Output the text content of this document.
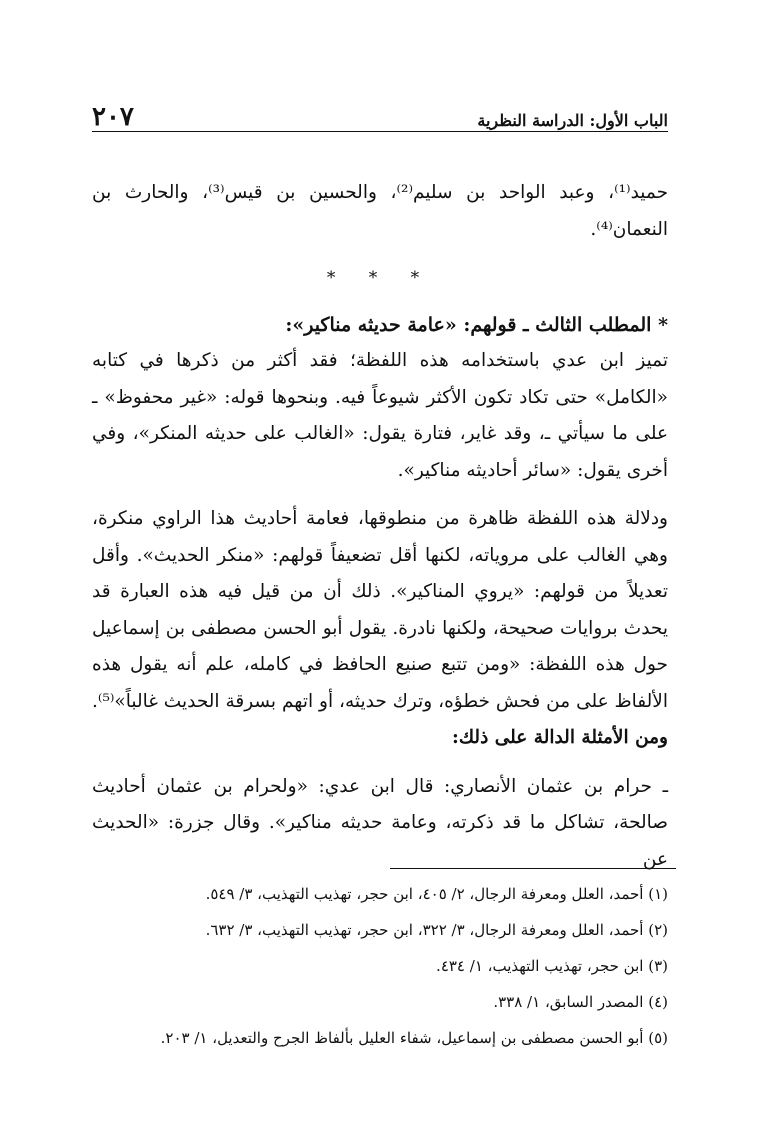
٢٠٧	الباب الأول: الدراسة النظرية

حميد⁽¹⁾، وعبد الواحد بن سليم⁽²⁾، والحسين بن قيس⁽³⁾، والحارث بن النعمان⁽⁴⁾.

* * *

* المطلب الثالث ـ قولهم: «عامة حديثه مناكير»:

تميز ابن عدي باستخدامه هذه اللفظة؛ فقد أكثر من ذكرها في كتابه «الكامل» حتى تكاد تكون الأكثر شيوعاً فيه. وبنحوها قوله: «غير محفوظ» ـ على ما سيأتي ـ، وقد غاير، فتارة يقول: «الغالب على حديثه المنكر»، وفي أخرى يقول: «سائر أحاديثه مناكير».

ودلالة هذه اللفظة ظاهرة من منطوقها، فعامة أحاديث هذا الراوي منكرة، وهي الغالب على مروياته، لكنها أقل تضعيفاً قولهم: «منكر الحديث». وأقل تعديلاً من قولهم: «يروي المناكير». ذلك أن من قيل فيه هذه العبارة قد يحدث بروايات صحيحة، ولكنها نادرة. يقول أبو الحسن مصطفى بن إسماعيل حول هذه اللفظة: «ومن تتبع صنيع الحافظ في كامله، علم أنه يقول هذه الألفاظ على من فحش خطؤه، وترك حديثه، أو اتهم بسرقة الحديث غالباً»⁽⁵⁾. ومن الأمثلة الدالة على ذلك:

ـ حرام بن عثمان الأنصاري: قال ابن عدي: «ولحرام بن عثمان أحاديث صالحة، تشاكل ما قد ذكرته، وعامة حديثه مناكير». وقال جزرة: «الحديث عن

(١) أحمد، العلل ومعرفة الرجال، ٢/ ٤٠٥، ابن حجر، تهذيب التهذيب، ٣/ ٥٤٩.
(٢) أحمد، العلل ومعرفة الرجال، ٣/ ٣٢٢، ابن حجر، تهذيب التهذيب، ٣/ ٦٣٢.
(٣) ابن حجر، تهذيب التهذيب، ١/ ٤٣٤.
(٤) المصدر السابق، ١/ ٣٣٨.
(٥) أبو الحسن مصطفى بن إسماعيل، شفاء العليل بألفاظ الجرح والتعديل، ١/ ٢٠٣.
